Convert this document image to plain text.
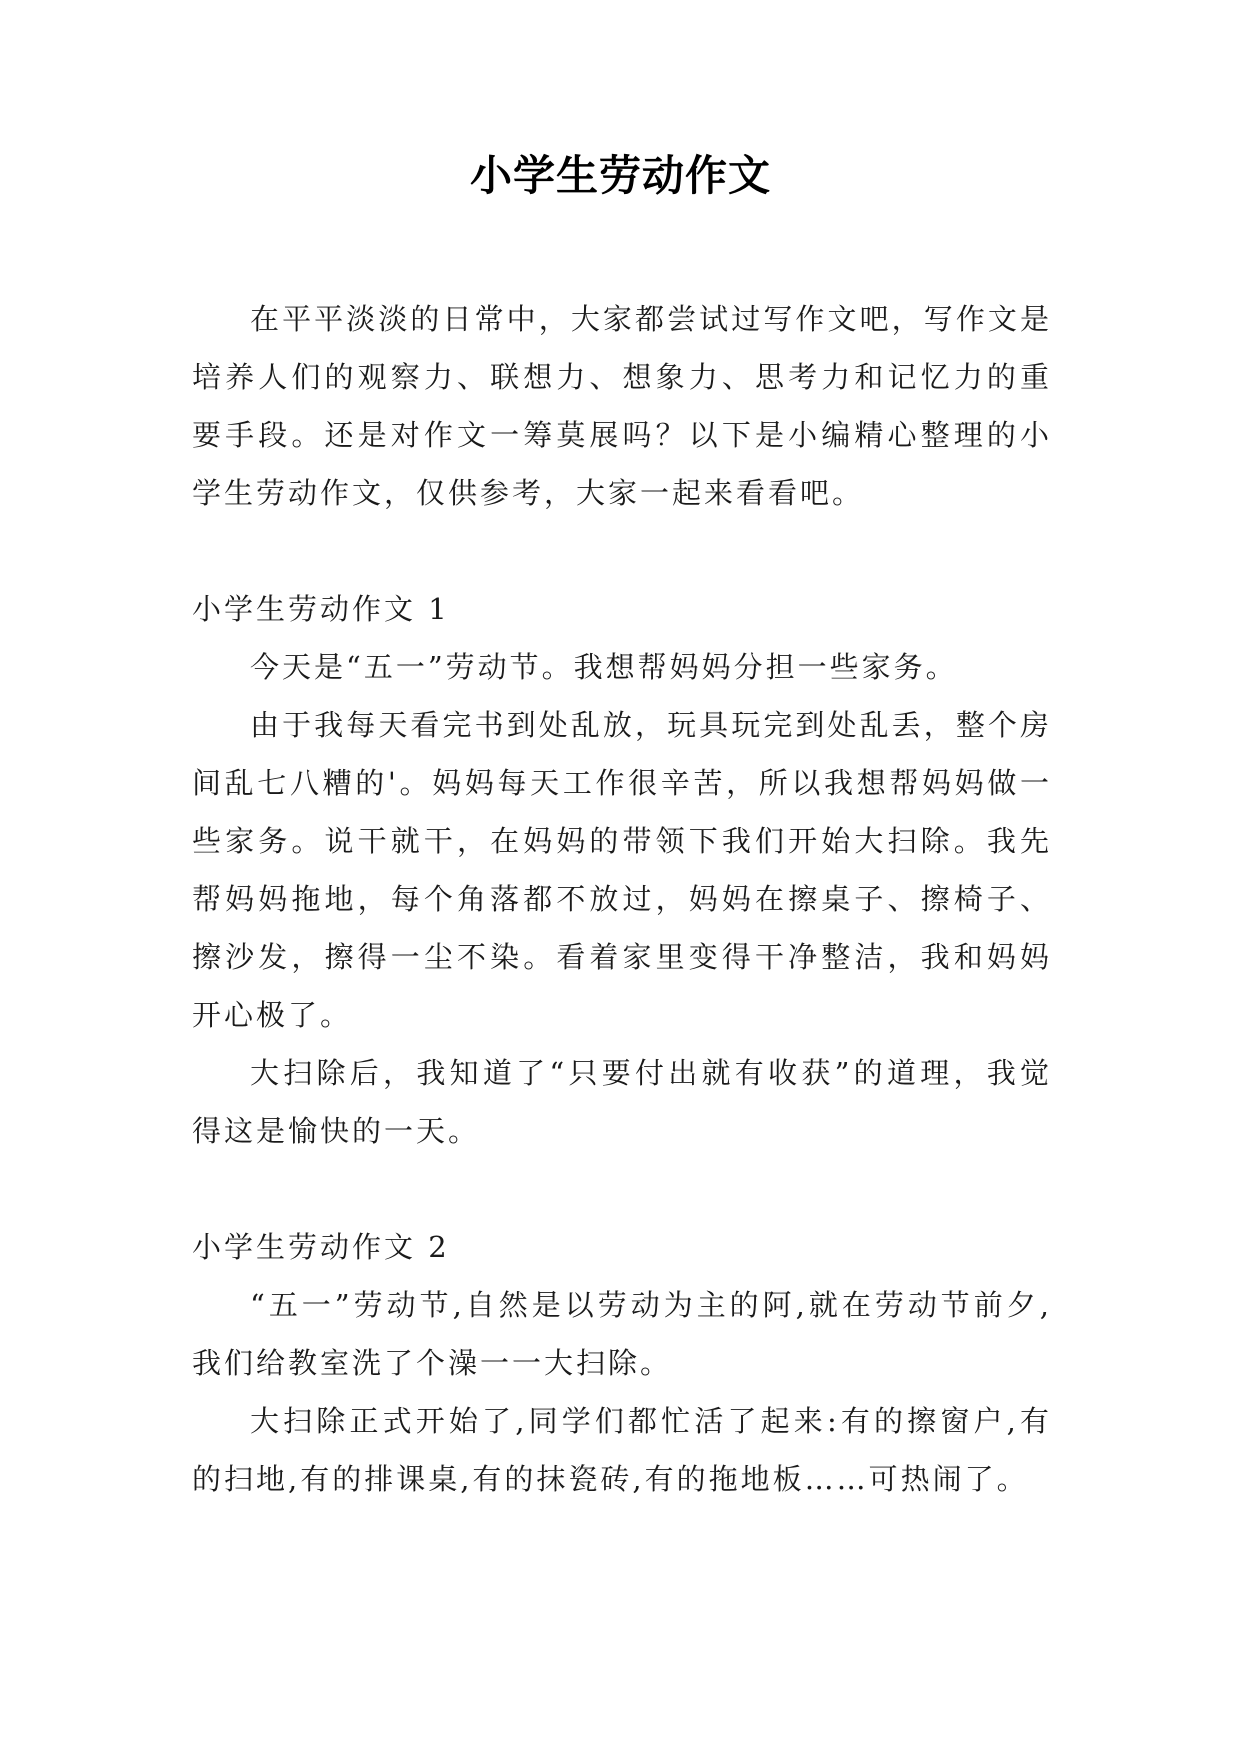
小学生劳动作文

在平平淡淡的日常中，大家都尝试过写作文吧，写作文是培养人们的观察力、联想力、想象力、思考力和记忆力的重要手段。还是对作文一筹莫展吗？以下是小编精心整理的小学生劳动作文，仅供参考，大家一起来看看吧。

小学生劳动作文 1

今天是“五一”劳动节。我想帮妈妈分担一些家务。

由于我每天看完书到处乱放，玩具玩完到处乱丢，整个房间乱七八糟的'。妈妈每天工作很辛苦，所以我想帮妈妈做一些家务。说干就干，在妈妈的带领下我们开始大扫除。我先帮妈妈拖地，每个角落都不放过，妈妈在擦桌子、擦椅子、擦沙发，擦得一尘不染。看着家里变得干净整洁，我和妈妈开心极了。

大扫除后，我知道了“只要付出就有收获”的道理，我觉得这是愉快的一天。

小学生劳动作文 2

“五一”劳动节,自然是以劳动为主的阿,就在劳动节前夕,我们给教室洗了个澡一一大扫除。

大扫除正式开始了,同学们都忙活了起来:有的擦窗户,有的扫地,有的排课桌,有的抹瓷砖,有的拖地板……可热闹了。
